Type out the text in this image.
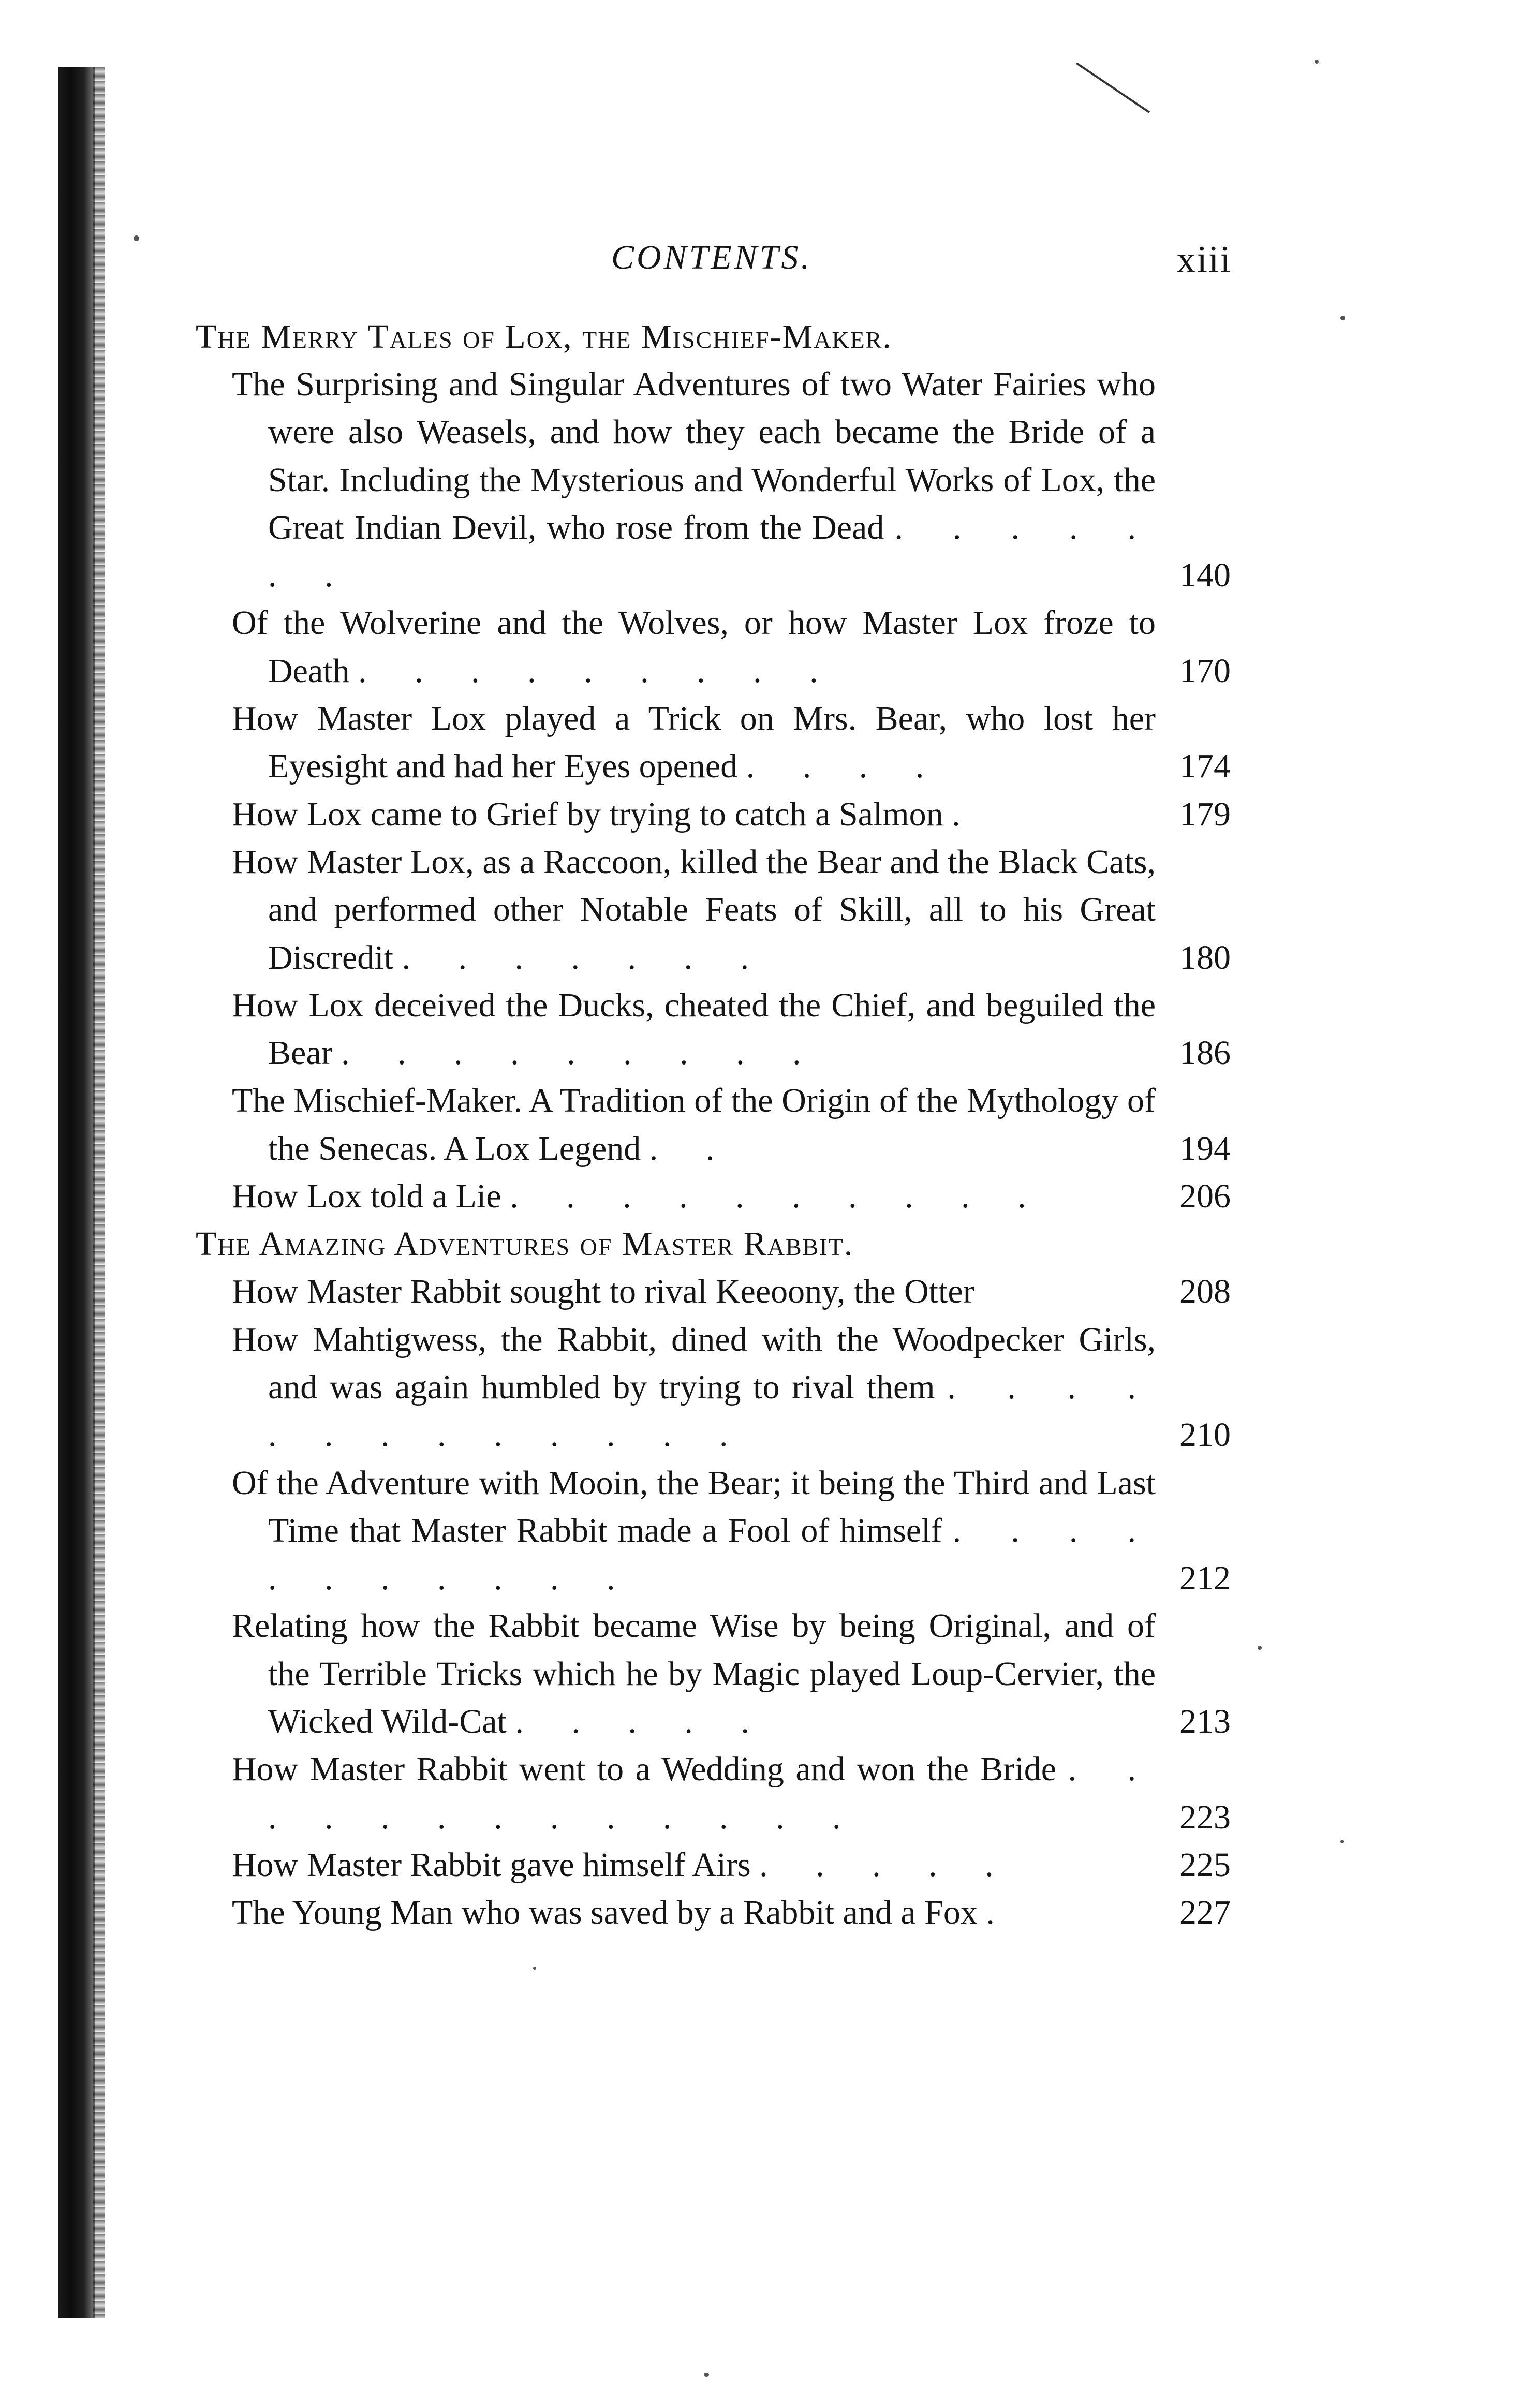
CONTENTS.	xiii
The Merry Tales of Lox, the Mischief-Maker.
The Surprising and Singular Adventures of two Water Fairies who were also Weasels, and how they each became the Bride of a Star. Including the Mysterious and Wonderful Works of Lox, the Great Indian Devil, who rose from the Dead . . . . . . .	140
Of the Wolverine and the Wolves, or how Master Lox froze to Death . . . . . . . . .	170
How Master Lox played a Trick on Mrs. Bear, who lost her Eyesight and had her Eyes opened . . . .	174
How Lox came to Grief by trying to catch a Salmon .	179
How Master Lox, as a Raccoon, killed the Bear and the Black Cats, and performed other Notable Feats of Skill, all to his Great Discredit . . . . . . .	180
How Lox deceived the Ducks, cheated the Chief, and beguiled the Bear . . . . . . . . .	186
The Mischief-Maker. A Tradition of the Origin of the Mythology of the Senecas. A Lox Legend . .	194
How Lox told a Lie . . . . . . . . . .	206
The Amazing Adventures of Master Rabbit.
How Master Rabbit sought to rival Keeoony, the Otter	208
How Mahtigwess, the Rabbit, dined with the Woodpecker Girls, and was again humbled by trying to rival them . . . . . . . . . . . . .	210
Of the Adventure with Mooin, the Bear; it being the Third and Last Time that Master Rabbit made a Fool of himself . . . . . . . . . . .	212
Relating how the Rabbit became Wise by being Original, and of the Terrible Tricks which he by Magic played Loup-Cervier, the Wicked Wild-Cat . . . . .	213
How Master Rabbit went to a Wedding and won the Bride . . . . . . . . . . . . .	223
How Master Rabbit gave himself Airs . . . . .	225
The Young Man who was saved by a Rabbit and a Fox .	227
